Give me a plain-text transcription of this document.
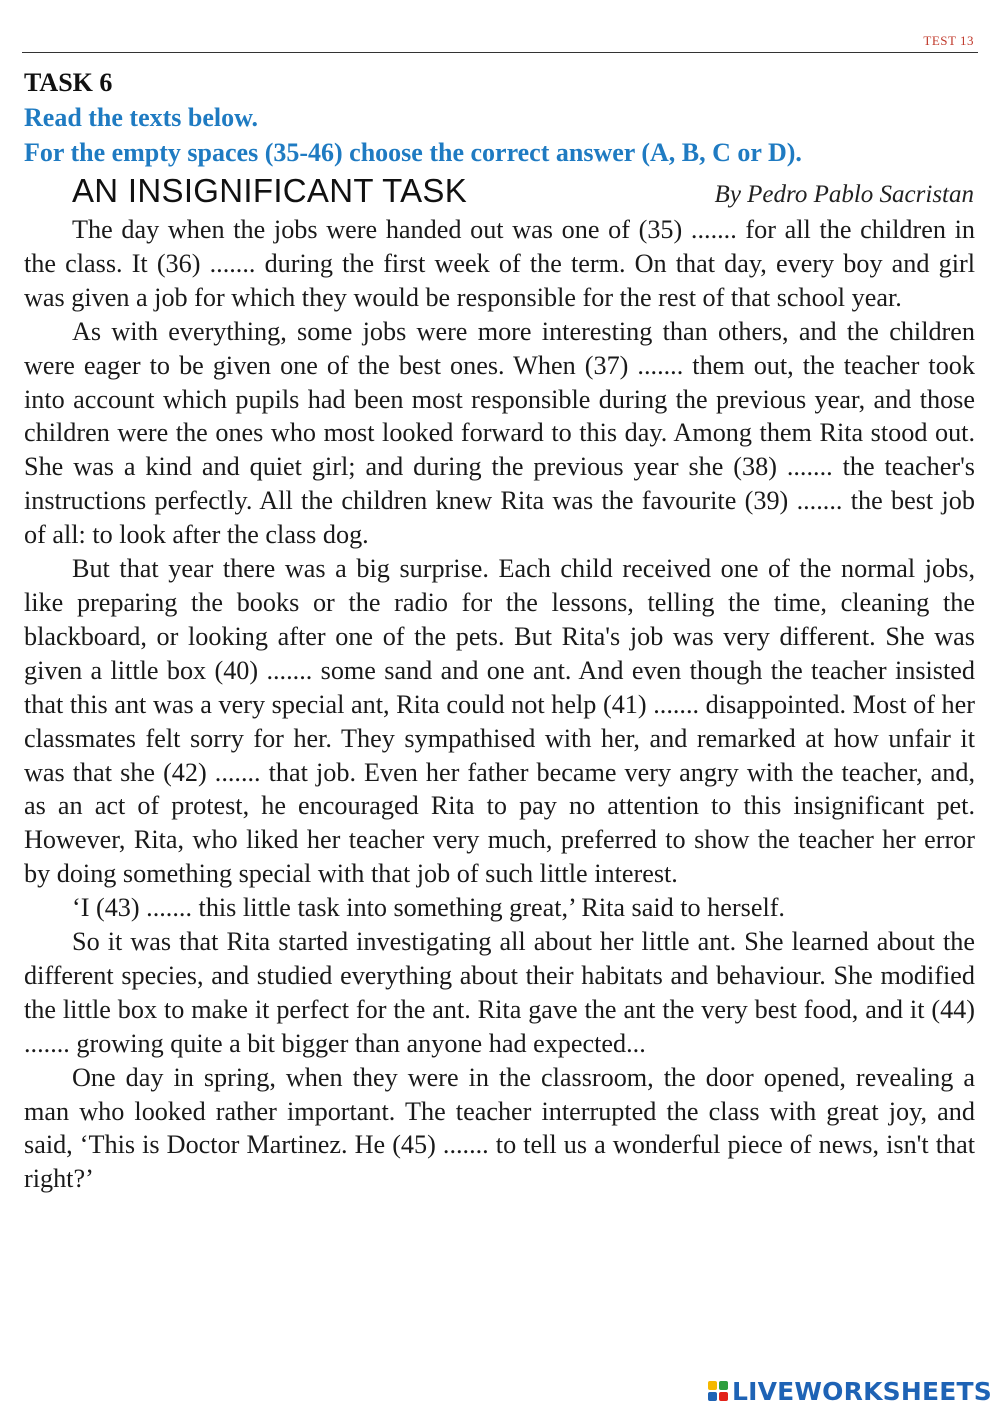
TEST 13
TASK 6
Read the texts below.
For the empty spaces (35-46) choose the correct answer (A, B, C or D).
AN INSIGNIFICANT TASK	By Pedro Pablo Sacristan

The day when the jobs were handed out was one of (35) ....... for all the children in the class. It (36) ....... during the first week of the term. On that day, every boy and girl was given a job for which they would be responsible for the rest of that school year.

As with everything, some jobs were more interesting than others, and the children were eager to be given one of the best ones. When (37) ....... them out, the teacher took into account which pupils had been most responsible during the previous year, and those children were the ones who most looked forward to this day. Among them Rita stood out. She was a kind and quiet girl; and during the previous year she (38) ....... the teacher's instructions perfectly. All the children knew Rita was the favourite (39) ....... the best job of all: to look after the class dog.

But that year there was a big surprise. Each child received one of the normal jobs, like preparing the books or the radio for the lessons, telling the time, cleaning the blackboard, or looking after one of the pets. But Rita's job was very different. She was given a little box (40) ....... some sand and one ant. And even though the teacher insisted that this ant was a very special ant, Rita could not help (41) ....... disappointed. Most of her classmates felt sorry for her. They sympathised with her, and remarked at how unfair it was that she (42) ....... that job. Even her father became very angry with the teacher, and, as an act of protest, he encouraged Rita to pay no attention to this insignificant pet. However, Rita, who liked her teacher very much, preferred to show the teacher her error by doing something special with that job of such little interest.

‘I (43) ....... this little task into something great,’ Rita said to herself.

So it was that Rita started investigating all about her little ant. She learned about the different species, and studied everything about their habitats and behaviour. She modified the little box to make it perfect for the ant. Rita gave the ant the very best food, and it (44) ....... growing quite a bit bigger than anyone had expected...

One day in spring, when they were in the classroom, the door opened, revealing a man who looked rather important. The teacher interrupted the class with great joy, and said, ‘This is Doctor Martinez. He (45) ....... to tell us a wonderful piece of news, isn't that right?’

LIVEWORKSHEETS
